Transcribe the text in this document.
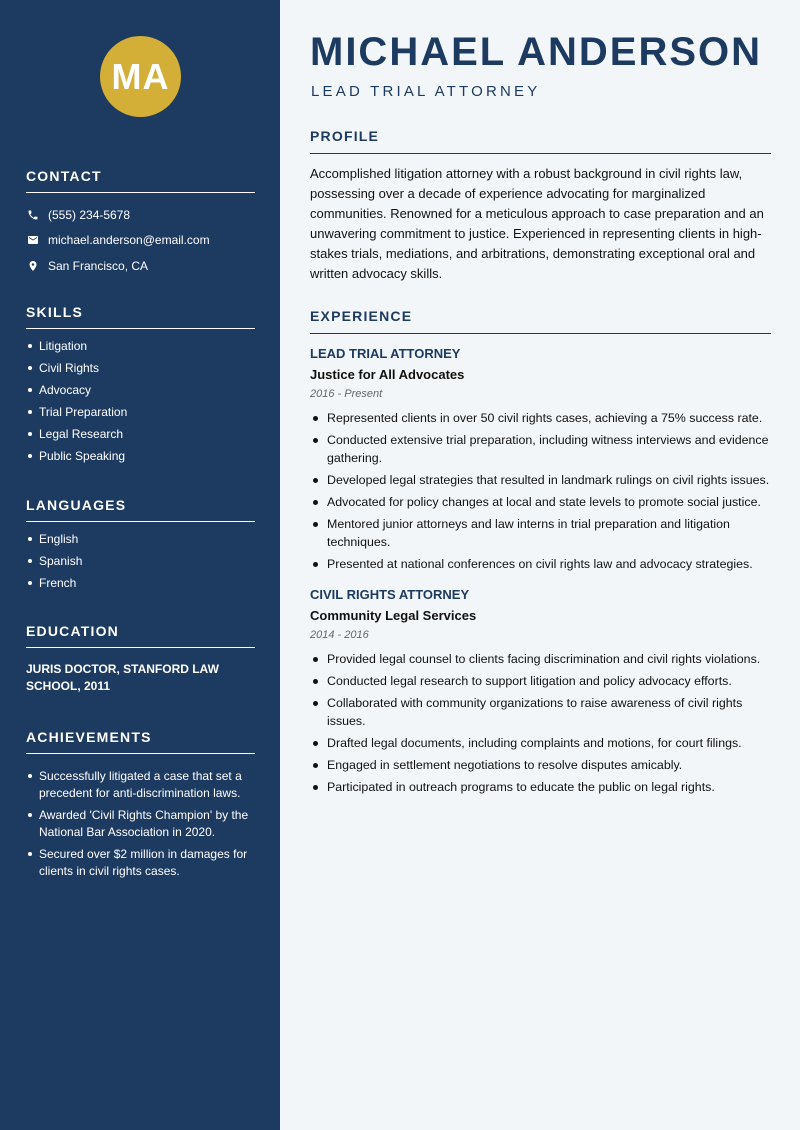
MA
CONTACT
(555) 234-5678
michael.anderson@email.com
San Francisco, CA
SKILLS
Litigation
Civil Rights
Advocacy
Trial Preparation
Legal Research
Public Speaking
LANGUAGES
English
Spanish
French
EDUCATION
JURIS DOCTOR, STANFORD LAW SCHOOL, 2011
ACHIEVEMENTS
Successfully litigated a case that set a precedent for anti-discrimination laws.
Awarded 'Civil Rights Champion' by the National Bar Association in 2020.
Secured over $2 million in damages for clients in civil rights cases.
MICHAEL ANDERSON
LEAD TRIAL ATTORNEY
PROFILE

Accomplished litigation attorney with a robust background in civil rights law, possessing over a decade of experience advocating for marginalized communities. Renowned for a meticulous approach to case preparation and an unwavering commitment to justice. Experienced in representing clients in high-stakes trials, mediations, and arbitrations, demonstrating exceptional oral and written advocacy skills.

EXPERIENCE
LEAD TRIAL ATTORNEY
Justice for All Advocates
2016 - Present
Represented clients in over 50 civil rights cases, achieving a 75% success rate.
Conducted extensive trial preparation, including witness interviews and evidence gathering.
Developed legal strategies that resulted in landmark rulings on civil rights issues.
Advocated for policy changes at local and state levels to promote social justice.
Mentored junior attorneys and law interns in trial preparation and litigation techniques.
Presented at national conferences on civil rights law and advocacy strategies.
CIVIL RIGHTS ATTORNEY
Community Legal Services
2014 - 2016
Provided legal counsel to clients facing discrimination and civil rights violations.
Conducted legal research to support litigation and policy advocacy efforts.
Collaborated with community organizations to raise awareness of civil rights issues.
Drafted legal documents, including complaints and motions, for court filings.
Engaged in settlement negotiations to resolve disputes amicably.
Participated in outreach programs to educate the public on legal rights.
